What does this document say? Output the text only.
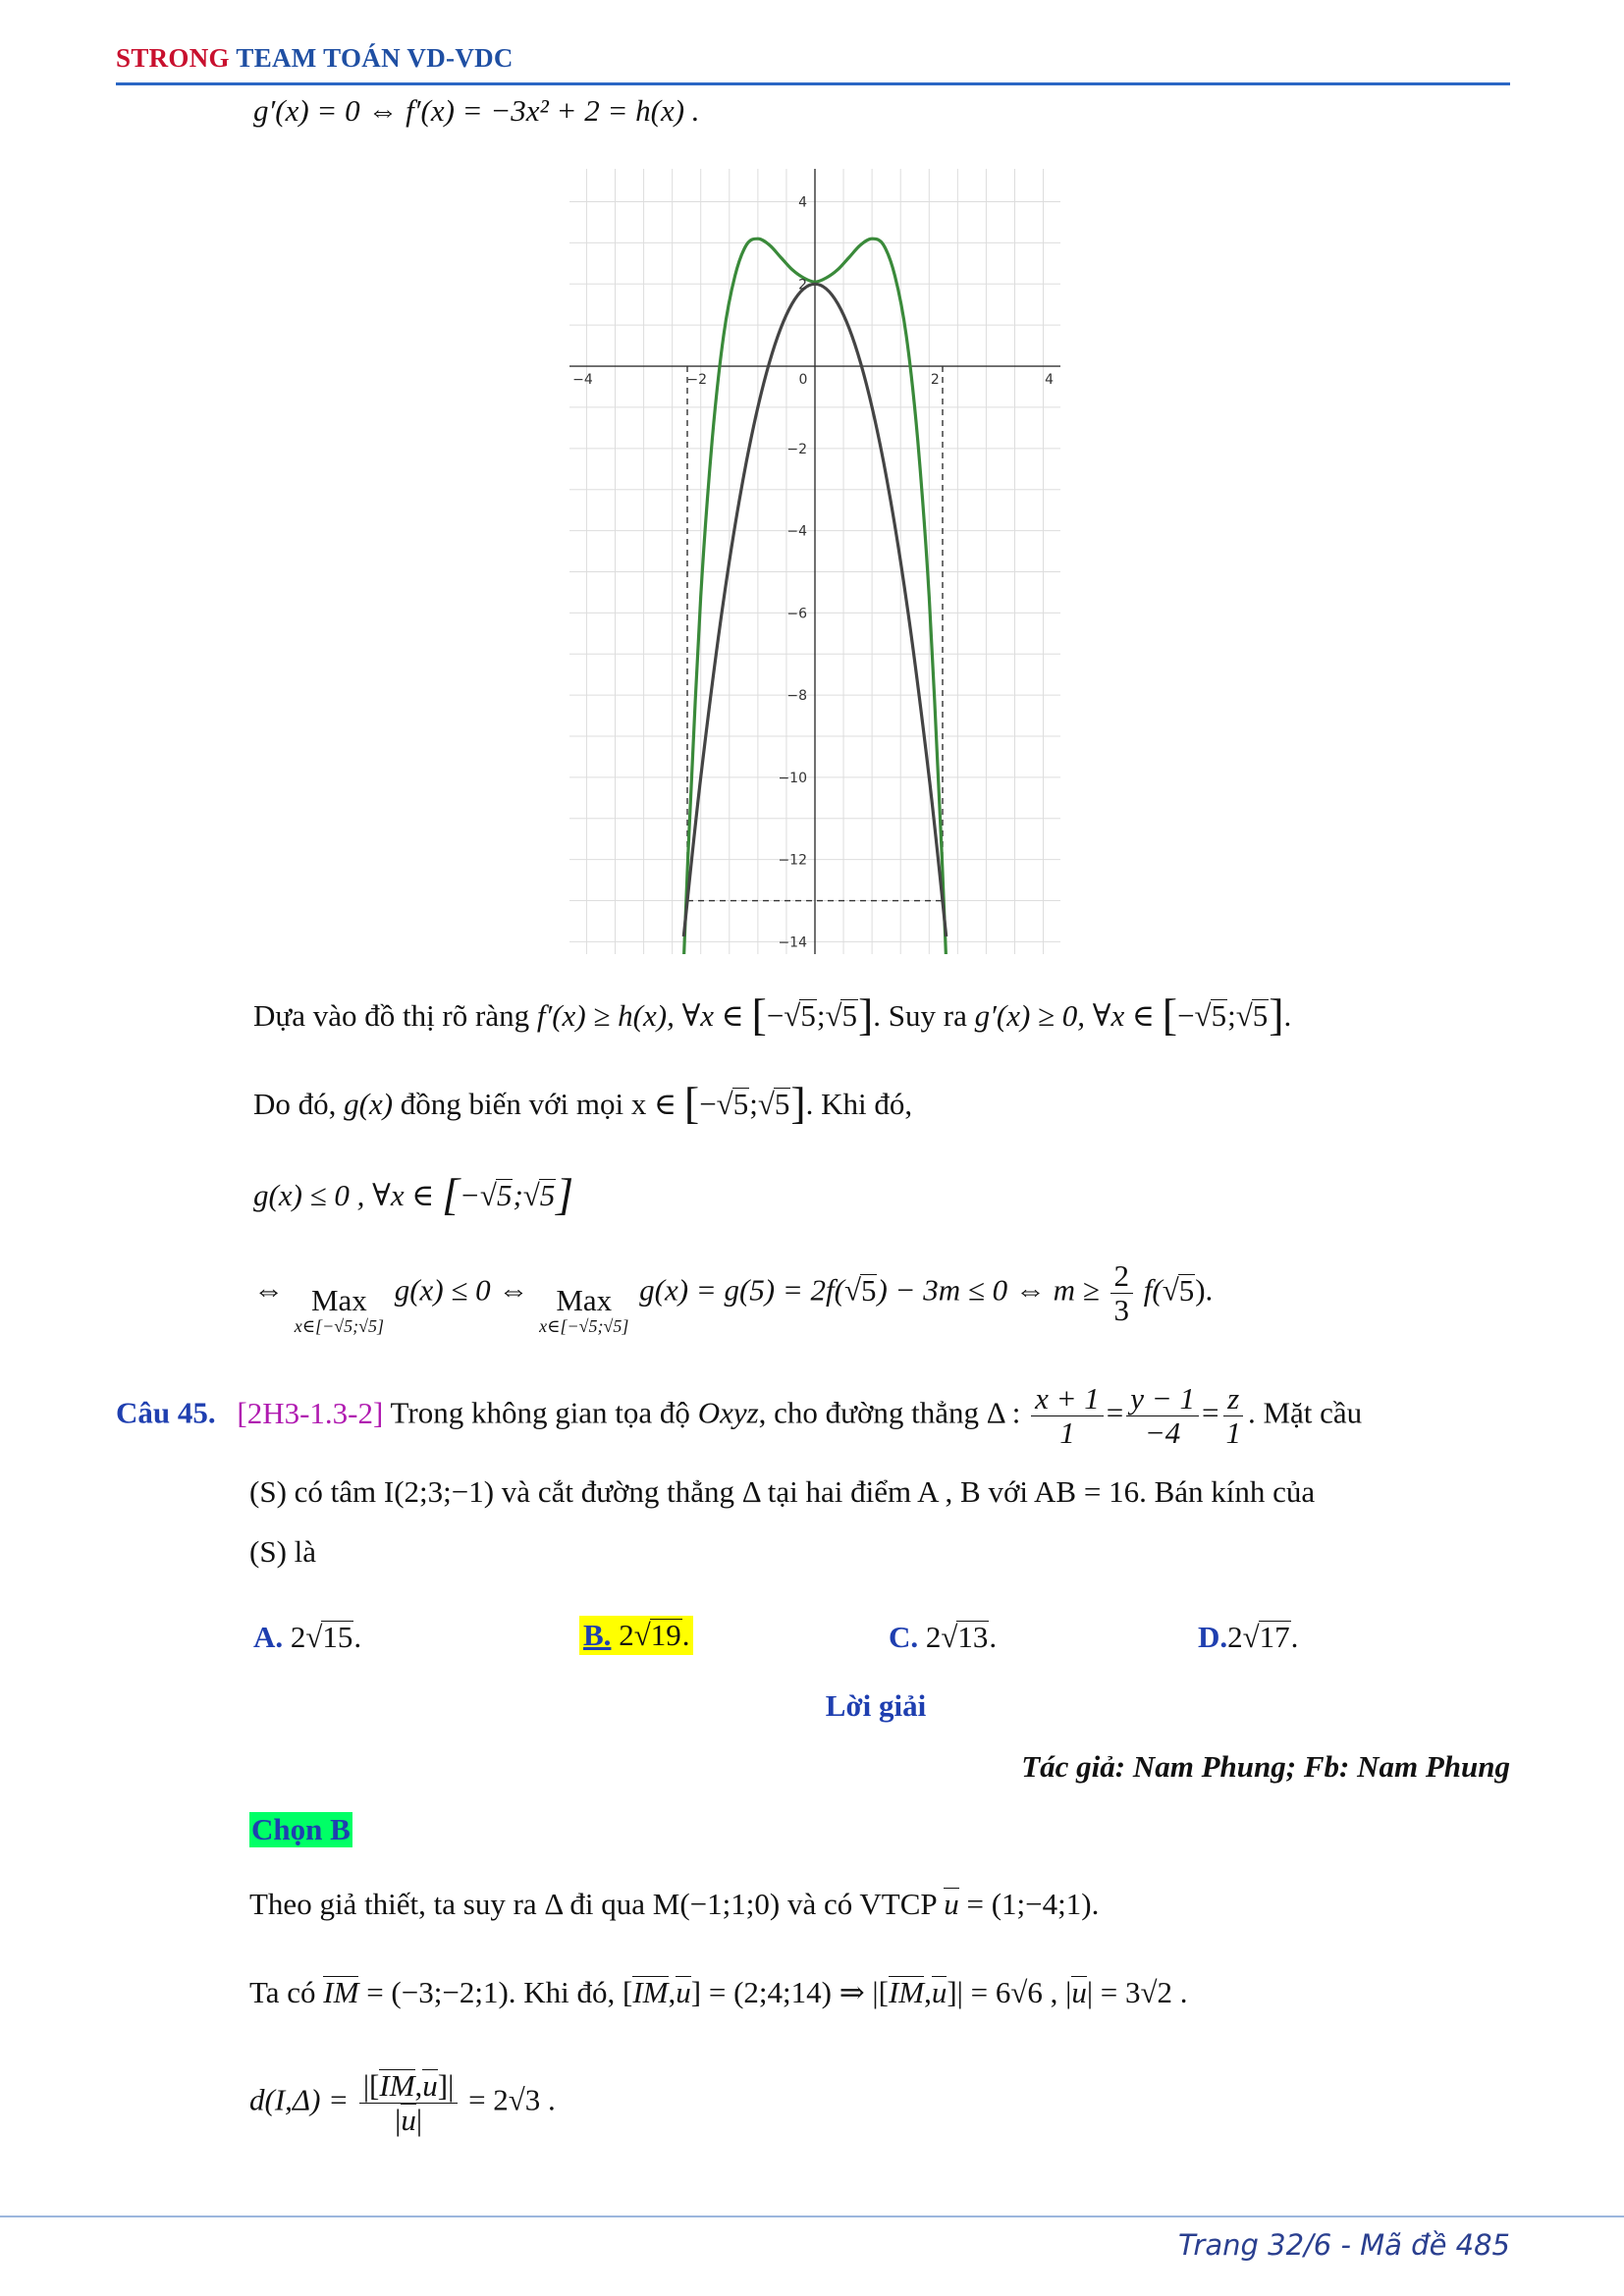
STRONG TEAM TOÁN VD-VDC
g′(x) = 0 ⇔ f′(x) = −3x² + 2 = h(x) .
−4	−2	0	2	4
4
2
−2
−4
−6
−8
−10
−12
−14
Dựa vào đồ thị rõ ràng f′(x) ≥ h(x), ∀x ∈ [−√5;√5]. Suy ra g′(x) ≥ 0, ∀x ∈ [−√5;√5].
Do đó, g(x) đồng biến với mọi x ∈ [−√5;√5]. Khi đó,
g(x) ≤ 0 , ∀x ∈ [−√5;√5]
⇔ Max
x∈[−√5;√5]
g(x) ≤ 0 ⇔ Max
x∈[−√5;√5]
g(x) = g(5) = 2f(√5) − 3m ≤ 0 ⇔ $m \ge \frac{2}{3} f(√5)$.
Câu 45. [2H3-1.3-2] Trong không gian tọa độ Oxyz, cho đường thẳng Δ : $\frac{x + 1}{1} = \frac{y - 1}{-4} = \frac{z}{1}$ . Mặt cầu
(S) có tâm I(2;3;−1) và cắt đường thẳng Δ tại hai điểm A , B với AB = 16. Bán kính của
(S) là
A. 2√15.	B. 2√19.	C. 2√13.	D.2√17.
Lời giải
Tác giả: Nam Phung; Fb: Nam Phung
Chọn B
Theo giả thiết, ta suy ra Δ đi qua M(−1;1;0) và có VTCP u = (1;−4;1).
Ta có IM = (−3;−2;1). Khi đó, [IM,u] = (2;4;14) ⇒ |[IM,u]| = 6√6 , |u| = 3√2 .
$d(I,\Delta) = \frac{|[IM,u]|}{|u|} = 2√3$ .
Trang 32/6 - Mã đề 485
